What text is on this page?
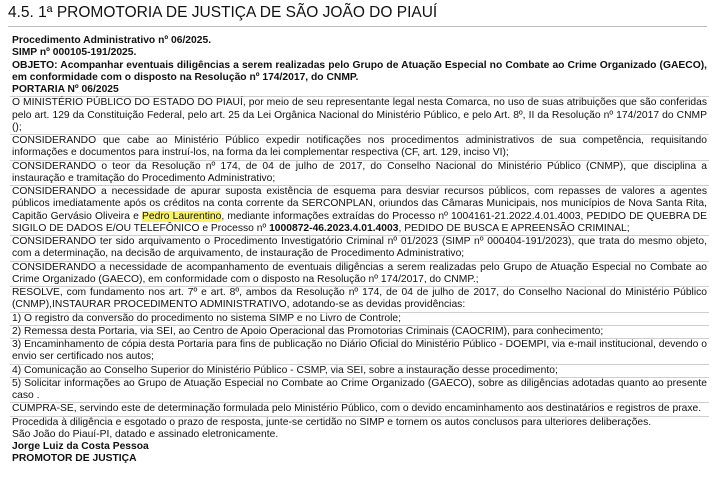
4.5. 1ª PROMOTORIA DE JUSTIÇA DE SÃO JOÃO DO PIAUÍ

Procedimento Administrativo nº 06/2025.

SIMP nº 000105-191/2025.

OBJETO: Acompanhar eventuais diligências a serem realizadas pelo Grupo de Atuação Especial no Combate ao Crime Organizado (GAECO), em conformidade com o disposto na Resolução nº 174/2017, do CNMP.

PORTARIA Nº 06/2025

O MINISTÉRIO PÚBLICO DO ESTADO DO PIAUÍ, por meio de seu representante legal nesta Comarca, no uso de suas atribuições que são conferidas pelo art. 129 da Constituição Federal, pelo art. 25 da Lei Orgânica Nacional do Ministério Público, e pelo Art. 8º, II da Resolução nº 174/2017 do CNMP ();

CONSIDERANDO que cabe ao Ministério Público expedir notificações nos procedimentos administrativos de sua competência, requisitando informações e documentos para instruí-los, na forma da lei complementar respectiva (CF, art. 129, inciso VI);

CONSIDERANDO o teor da Resolução nº 174, de 04 de julho de 2017, do Conselho Nacional do Ministério Público (CNMP), que disciplina a instauração e tramitação do Procedimento Administrativo;

CONSIDERANDO a necessidade de apurar suposta existência de esquema para desviar recursos públicos, com repasses de valores a agentes públicos imediatamente após os créditos na conta corrente da SERCONPLAN, oriundos das Câmaras Municipais, nos municípios de Nova Santa Rita, Capitão Gervásio Oliveira e Pedro Laurentino, mediante informações extraídas do Processo nº 1004161-21.2022.4.01.4003, PEDIDO DE QUEBRA DE SIGILO DE DADOS E/OU TELEFÔNICO e Processo nº 1000872-46.2023.4.01.4003, PEDIDO DE BUSCA E APREENSÃO CRIMINAL;

CONSIDERANDO ter sido arquivamento o Procedimento Investigatório Criminal nº 01/2023 (SIMP nº 000404-191/2023), que trata do mesmo objeto, com a determinação, na decisão de arquivamento, de instauração de Procedimento Administrativo;

CONSIDERANDO a necessidade de acompanhamento de eventuais diligências a serem realizadas pelo Grupo de Atuação Especial no Combate ao Crime Organizado (GAECO), em conformidade com o disposto na Resolução nº 174/2017, do CNMP.;

RESOLVE, com fundamento nos art. 7º e art. 8º, ambos da Resolução nº 174, de 04 de julho de 2017, do Conselho Nacional do Ministério Público (CNMP),INSTAURAR PROCEDIMENTO ADMINISTRATIVO, adotando-se as devidas providências:

1) O registro da conversão do procedimento no sistema SIMP e no Livro de Controle;

2) Remessa desta Portaria, via SEI, ao Centro de Apoio Operacional das Promotorias Criminais (CAOCRIM), para conhecimento;

3) Encaminhamento de cópia desta Portaria para fins de publicação no Diário Oficial do Ministério Público - DOEMPI, via e-mail institucional, devendo o envio ser certificado nos autos;

4) Comunicação ao Conselho Superior do Ministério Público - CSMP, via SEI, sobre a instauração desse procedimento;

5) Solicitar informações ao Grupo de Atuação Especial no Combate ao Crime Organizado (GAECO), sobre as diligências adotadas quanto ao presente caso .

CUMPRA-SE, servindo este de determinação formulada pelo Ministério Público, com o devido encaminhamento aos destinatários e registros de praxe.

Procedida à diligência e esgotado o prazo de resposta, junte-se certidão no SIMP e tornem os autos conclusos para ulteriores deliberações.

São João do Piauí-PI, datado e assinado eletronicamente.

Jorge Luiz da Costa Pessoa

PROMOTOR DE JUSTIÇA
